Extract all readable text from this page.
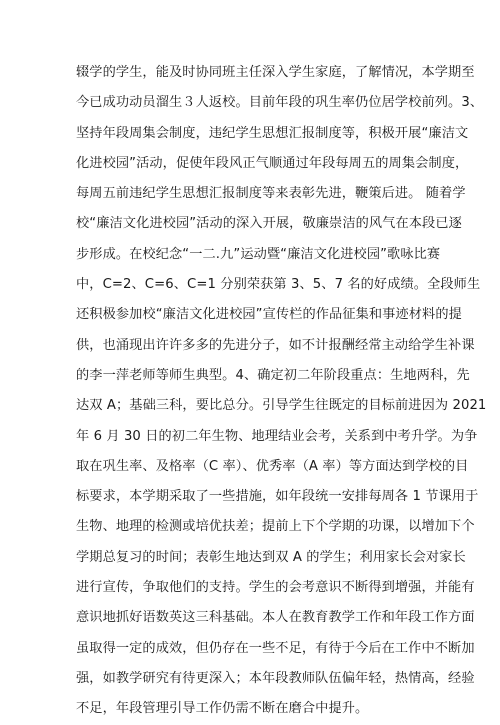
辍学的学生，能及时协同班主任深入学生家庭，了解情况，本学期至
今已成功动员溜生３人返校。目前年段的巩生率仍位居学校前列。3、
坚持年段周集会制度，违纪学生思想汇报制度等，积极开展“廉洁文
化进校园”活动，促使年段风正气顺通过年段每周五的周集会制度，
每周五前违纪学生思想汇报制度等来表彰先进，鞭策后进。 随着学
校“廉洁文化进校园”活动的深入开展，敬廉崇洁的风气在本段已逐
步形成。在校纪念“一二.九”运动暨“廉洁文化进校园”歌咏比赛
中，C=2、C=6、C=1 分别荣获第 3、5、7 名的好成绩。全段师生
还积极参加校“廉洁文化进校园”宣传栏的作品征集和事迹材料的提
供，也涌现出许许多多的先进分子，如不计报酬经常主动给学生补课
的李一萍老师等师生典型。4、确定初二年阶段重点：生地两科，先
达双 A；基础三科，要比总分。引导学生往既定的目标前进因为 2021
年 6 月 30 日的初二年生物、地理结业会考，关系到中考升学。为争
取在巩生率、及格率（C 率）、优秀率（A 率）等方面达到学校的目
标要求，本学期采取了一些措施，如年段统一安排每周各 1 节课用于
生物、地理的检测或培优扶差；提前上下个学期的功课，以增加下个
学期总复习的时间；表彰生地达到双 A 的学生；利用家长会对家长
进行宣传，争取他们的支持。学生的会考意识不断得到增强，并能有
意识地抓好语数英这三科基础。本人在教育教学工作和年段工作方面
虽取得一定的成效，但仍存在一些不足，有待于今后在工作中不断加
强，如教学研究有待更深入；本年段教师队伍偏年轻，热情高，经验
不足，年段管理引导工作仍需不断在磨合中提升。
